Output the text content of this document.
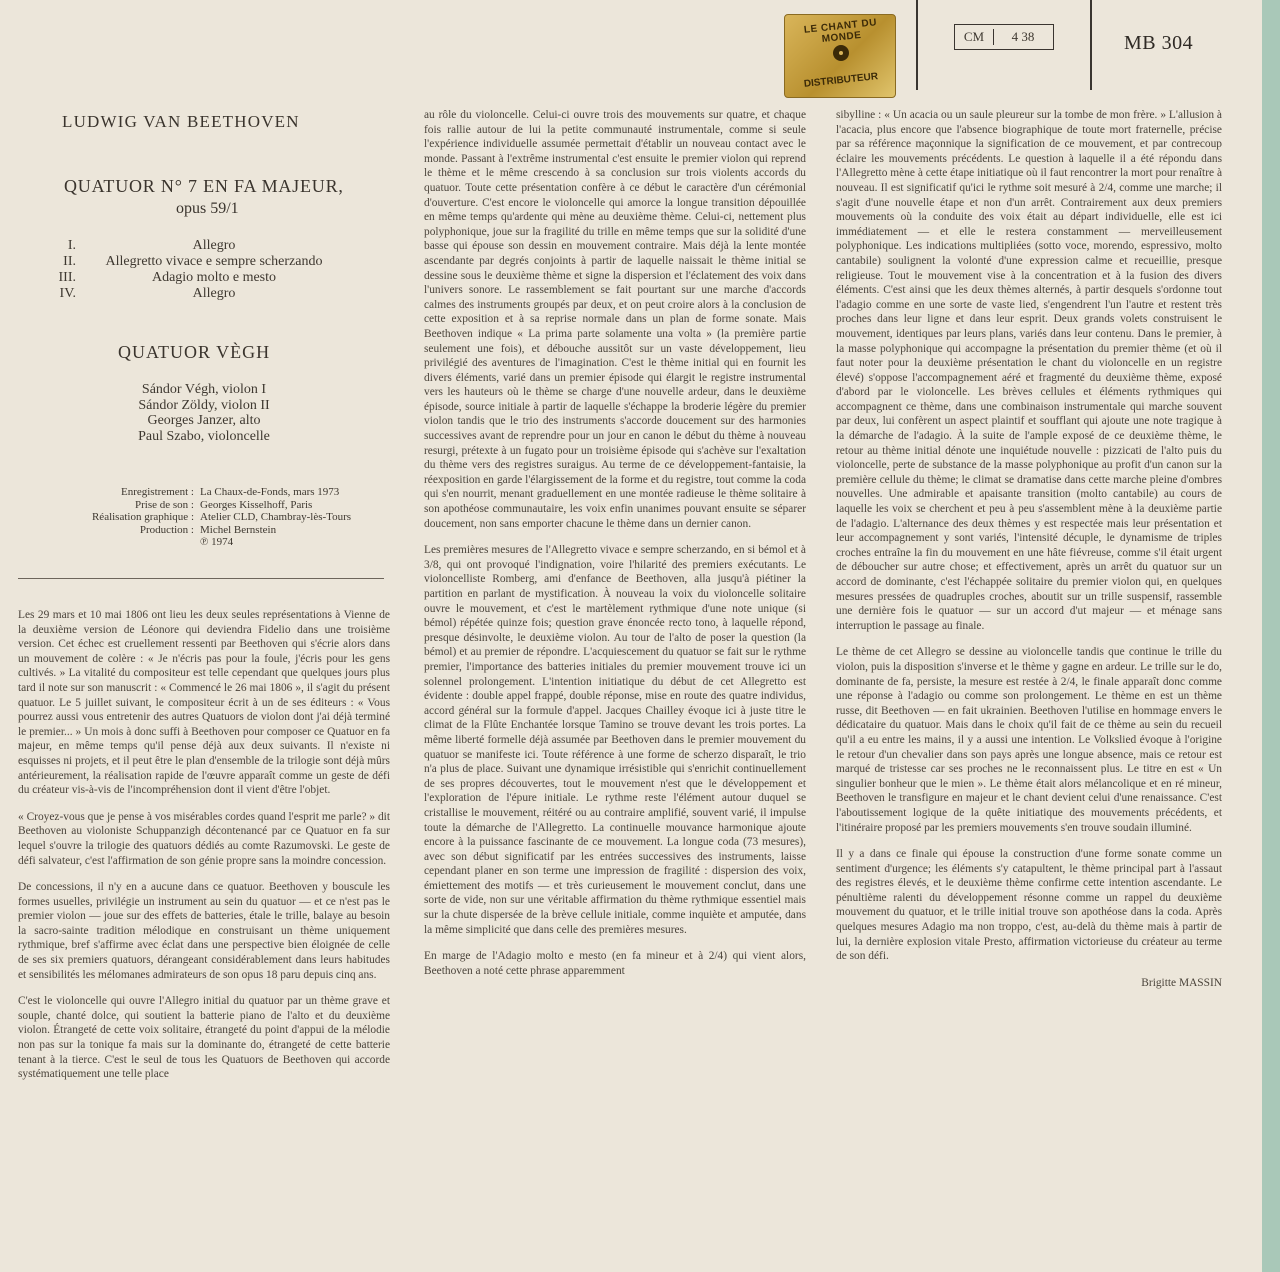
LE CHANT DU MONDE
DISTRIBUTEUR
CM	4 38	MB 304
LUDWIG VAN BEETHOVEN
QUATUOR N° 7 EN FA MAJEUR,
opus 59/1
I.	Allegro
II.	Allegretto vivace e sempre scherzando
III.	Adagio molto e mesto
IV.	Allegro
QUATUOR VÈGH
Sándor Végh, violon I
Sándor Zöldy, violon II
Georges Janzer, alto
Paul Szabo, violoncelle
Enregistrement : La Chaux-de-Fonds, mars 1973
Prise de son : Georges Kisselhoff, Paris
Réalisation graphique : Atelier CLD, Chambray-lès-Tours
Production : Michel Bernstein
℗ 1974

Les 29 mars et 10 mai 1806 ont lieu les deux seules représentations à Vienne de la deuxième version de Léonore qui deviendra Fidelio dans une troisième version. Cet échec est cruellement ressenti par Beethoven qui s'écrie alors dans un mouvement de colère : « Je n'écris pas pour la foule, j'écris pour les gens cultivés. » La vitalité du compositeur est telle cependant que quelques jours plus tard il note sur son manuscrit : « Commencé le 26 mai 1806 », il s'agit du présent quatuor. Le 5 juillet suivant, le compositeur écrit à un de ses éditeurs : « Vous pourrez aussi vous entretenir des autres Quatuors de violon dont j'ai déjà terminé le premier... » Un mois à donc suffi à Beethoven pour composer ce Quatuor en fa majeur, en même temps qu'il pense déjà aux deux suivants. Il n'existe ni esquisses ni projets, et il peut être le plan d'ensemble de la trilogie sont déjà mûrs antérieurement, la réalisation rapide de l'œuvre apparaît comme un geste de défi du créateur vis-à-vis de l'incompréhension dont il vient d'être l'objet.

« Croyez-vous que je pense à vos misérables cordes quand l'esprit me parle? » dit Beethoven au violoniste Schuppanzigh décontenancé par ce Quatuor en fa sur lequel s'ouvre la trilogie des quatuors dédiés au comte Razumovski. Le geste de défi salvateur, c'est l'affirmation de son génie propre sans la moindre concession.

De concessions, il n'y en a aucune dans ce quatuor. Beethoven y bouscule les formes usuelles, privilégie un instrument au sein du quatuor — et ce n'est pas le premier violon — joue sur des effets de batteries, étale le trille, balaye au besoin la sacro-sainte tradition mélodique en construisant un thème uniquement rythmique, bref s'affirme avec éclat dans une perspective bien éloignée de celle de ses six premiers quatuors, dérangeant considérablement dans leurs habitudes et sensibilités les mélomanes admirateurs de son opus 18 paru depuis cinq ans.

C'est le violoncelle qui ouvre l'Allegro initial du quatuor par un thème grave et souple, chanté dolce, qui soutient la batterie piano de l'alto et du deuxième violon. Étrangeté de cette voix solitaire, étrangeté du point d'appui de la mélodie non pas sur la tonique fa mais sur la dominante do, étrangeté de cette batterie tenant à la tierce. C'est le seul de tous les Quatuors de Beethoven qui accorde systématiquement une telle place

au rôle du violoncelle. Celui-ci ouvre trois des mouvements sur quatre, et chaque fois rallie autour de lui la petite communauté instrumentale, comme si seule l'expérience individuelle assumée permettait d'établir un nouveau contact avec le monde. Passant à l'extrême instrumental c'est ensuite le premier violon qui reprend le thème et le même crescendo à sa conclusion sur trois violents accords du quatuor. Toute cette présentation confère à ce début le caractère d'un cérémonial d'ouverture. C'est encore le violoncelle qui amorce la longue transition dépouillée en même temps qu'ardente qui mène au deuxième thème. Celui-ci, nettement plus polyphonique, joue sur la fragilité du trille en même temps que sur la solidité d'une basse qui épouse son dessin en mouvement contraire. Mais déjà la lente montée ascendante par degrés conjoints à partir de laquelle naissait le thème initial se dessine sous le deuxième thème et signe la dispersion et l'éclatement des voix dans l'univers sonore. Le rassemblement se fait pourtant sur une marche d'accords calmes des instruments groupés par deux, et on peut croire alors à la conclusion de cette exposition et à sa reprise normale dans un plan de forme sonate. Mais Beethoven indique « La prima parte solamente una volta » (la première partie seulement une fois), et débouche aussitôt sur un vaste développement, lieu privilégié des aventures de l'imagination. C'est le thème initial qui en fournit les divers éléments, varié dans un premier épisode qui élargit le registre instrumental vers les hauteurs où le thème se charge d'une nouvelle ardeur, dans le deuxième épisode, source initiale à partir de laquelle s'échappe la broderie légère du premier violon tandis que le trio des instruments s'accorde doucement sur des harmonies successives avant de reprendre pour un jour en canon le début du thème à nouveau resurgi, prétexte à un fugato pour un troisième épisode qui s'achève sur l'exaltation du thème vers des registres suraigus. Au terme de ce développement-fantaisie, la réexposition en garde l'élargissement de la forme et du registre, tout comme la coda qui s'en nourrit, menant graduellement en une montée radieuse le thème solitaire à son apothéose communautaire, les voix enfin unanimes pouvant ensuite se séparer doucement, non sans emporter chacune le thème dans un dernier canon.

Les premières mesures de l'Allegretto vivace e sempre scherzando, en si bémol et à 3/8, qui ont provoqué l'indignation, voire l'hilarité des premiers exécutants. Le violoncelliste Romberg, ami d'enfance de Beethoven, alla jusqu'à piétiner la partition en parlant de mystification. À nouveau la voix du violoncelle solitaire ouvre le mouvement, et c'est le martèlement rythmique d'une note unique (si bémol) répétée quinze fois; question grave énoncée recto tono, à laquelle répond, presque désinvolte, le deuxième violon. Au tour de l'alto de poser la question (la bémol) et au premier de répondre. L'acquiescement du quatuor se fait sur le rythme premier, l'importance des batteries initiales du premier mouvement trouve ici un solennel prolongement. L'intention initiatique du début de cet Allegretto est évidente : double appel frappé, double réponse, mise en route des quatre individus, accord général sur la formule d'appel. Jacques Chailley évoque ici à juste titre le climat de la Flûte Enchantée lorsque Tamino se trouve devant les trois portes. La même liberté formelle déjà assumée par Beethoven dans le premier mouvement du quatuor se manifeste ici. Toute référence à une forme de scherzo disparaît, le trio n'a plus de place. Suivant une dynamique irrésistible qui s'enrichit continuellement de ses propres découvertes, tout le mouvement n'est que le développement et l'exploration de l'épure initiale. Le rythme reste l'élément autour duquel se cristallise le mouvement, réitéré ou au contraire amplifié, souvent varié, il impulse toute la démarche de l'Allegretto. La continuelle mouvance harmonique ajoute encore à la puissance fascinante de ce mouvement. La longue coda (73 mesures), avec son début significatif par les entrées successives des instruments, laisse cependant planer en son terme une impression de fragilité : dispersion des voix, émiettement des motifs — et très curieusement le mouvement conclut, dans une sorte de vide, non sur une véritable affirmation du thème rythmique essentiel mais sur la chute dispersée de la brève cellule initiale, comme inquiète et amputée, dans la même simplicité que dans celle des premières mesures.

En marge de l'Adagio molto e mesto (en fa mineur et à 2/4) qui vient alors, Beethoven a noté cette phrase apparemment

sibylline : « Un acacia ou un saule pleureur sur la tombe de mon frère. » L'allusion à l'acacia, plus encore que l'absence biographique de toute mort fraternelle, précise par sa référence maçonnique la signification de ce mouvement, et par contrecoup éclaire les mouvements précédents. Le question à laquelle il a été répondu dans l'Allegretto mène à cette étape initiatique où il faut rencontrer la mort pour renaître à nouveau. Il est significatif qu'ici le rythme soit mesuré à 2/4, comme une marche; il s'agit d'une nouvelle étape et non d'un arrêt. Contrairement aux deux premiers mouvements où la conduite des voix était au départ individuelle, elle est ici immédiatement — et elle le restera constamment — merveilleusement polyphonique. Les indications multipliées (sotto voce, morendo, espressivo, molto cantabile) soulignent la volonté d'une expression calme et recueillie, presque religieuse. Tout le mouvement vise à la concentration et à la fusion des divers éléments. C'est ainsi que les deux thèmes alternés, à partir desquels s'ordonne tout l'adagio comme en une sorte de vaste lied, s'engendrent l'un l'autre et restent très proches dans leur ligne et dans leur esprit. Deux grands volets construisent le mouvement, identiques par leurs plans, variés dans leur contenu. Dans le premier, à la masse polyphonique qui accompagne la présentation du premier thème (et où il faut noter pour la deuxième présentation le chant du violoncelle en un registre élevé) s'oppose l'accompagnement aéré et fragmenté du deuxième thème, exposé d'abord par le violoncelle. Les brèves cellules et éléments rythmiques qui accompagnent ce thème, dans une combinaison instrumentale qui marche souvent par deux, lui confèrent un aspect plaintif et soufflant qui ajoute une note tragique à la démarche de l'adagio. À la suite de l'ample exposé de ce deuxième thème, le retour au thème initial dénote une inquiétude nouvelle : pizzicati de l'alto puis du violoncelle, perte de substance de la masse polyphonique au profit d'un canon sur la première cellule du thème; le climat se dramatise dans cette marche pleine d'ombres nouvelles. Une admirable et apaisante transition (molto cantabile) au cours de laquelle les voix se cherchent et peu à peu s'assemblent mène à la deuxième partie de l'adagio. L'alternance des deux thèmes y est respectée mais leur présentation et leur accompagnement y sont variés, l'intensité décuple, le dynamisme de triples croches entraîne la fin du mouvement en une hâte fiévreuse, comme s'il était urgent de déboucher sur autre chose; et effectivement, après un arrêt du quatuor sur un accord de dominante, c'est l'échappée solitaire du premier violon qui, en quelques mesures pressées de quadruples croches, aboutit sur un trille suspensif, rassemble une dernière fois le quatuor — sur un accord d'ut majeur — et ménage sans interruption le passage au finale.

Le thème de cet Allegro se dessine au violoncelle tandis que continue le trille du violon, puis la disposition s'inverse et le thème y gagne en ardeur. Le trille sur le do, dominante de fa, persiste, la mesure est restée à 2/4, le finale apparaît donc comme une réponse à l'adagio ou comme son prolongement. Le thème en est un thème russe, dit Beethoven — en fait ukrainien. Beethoven l'utilise en hommage envers le dédicataire du quatuor. Mais dans le choix qu'il fait de ce thème au sein du recueil qu'il a eu entre les mains, il y a aussi une intention. Le Volkslied évoque à l'origine le retour d'un chevalier dans son pays après une longue absence, mais ce retour est marqué de tristesse car ses proches ne le reconnaissent plus. Le titre en est « Un singulier bonheur que le mien ». Le thème était alors mélancolique et en ré mineur, Beethoven le transfigure en majeur et le chant devient celui d'une renaissance. C'est l'aboutissement logique de la quête initiatique des mouvements précédents, et l'itinéraire proposé par les premiers mouvements s'en trouve soudain illuminé.

Il y a dans ce finale qui épouse la construction d'une forme sonate comme un sentiment d'urgence; les éléments s'y catapultent, le thème principal part à l'assaut des registres élevés, et le deuxième thème confirme cette intention ascendante. Le pénultième ralenti du développement résonne comme un rappel du deuxième mouvement du quatuor, et le trille initial trouve son apothéose dans la coda. Après quelques mesures Adagio ma non troppo, c'est, au-delà du thème mais à partir de lui, la dernière explosion vitale Presto, affirmation victorieuse du créateur au terme de son défi.

Brigitte MASSIN
